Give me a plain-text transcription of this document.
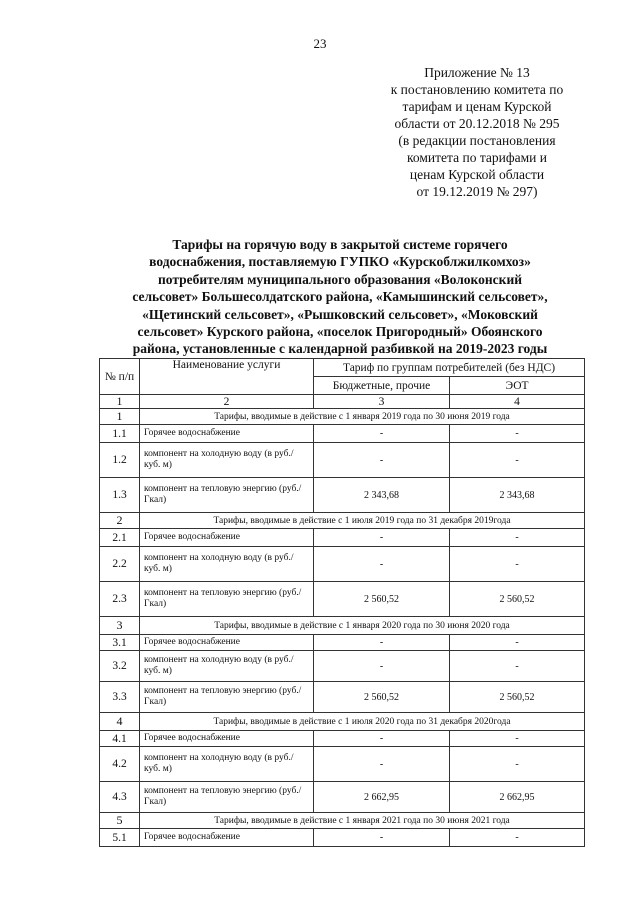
23
Приложение № 13
к постановлению комитета по
тарифам и ценам Курской
области от 20.12.2018 № 295
(в редакции постановления
комитета по тарифами и
ценам Курской области
от 19.12.2019 № 297)
Тарифы на горячую воду в закрытой системе горячего
водоснабжения, поставляемую ГУПКО «Курскоблжилкомхоз»
потребителям муниципального образования «Волоконский
сельсовет» Большесолдатского района, «Камышинский сельсовет»,
«Щетинский сельсовет», «Рышковский сельсовет», «Моковский
сельсовет» Курского района, «поселок Пригородный» Обоянского
района, установленные с календарной разбивкой на 2019-2023 годы
№ п/п	Наименование услуги	Тариф по группам потребителей (без НДС)	
		Бюджетные, прочие	ЭОТ
1	2	3	4
1	Тарифы, вводимые в действие с 1 января 2019 года по 30 июня 2019 года		
1.1	Горячее водоснабжение	-	-
1.2	компонент на холодную воду (в руб./куб. м)	-	-
1.3	компонент на тепловую энергию (руб./Гкал)	2 343,68	2 343,68
2	Тарифы, вводимые в действие с 1 июля 2019 года по 31 декабря 2019года		
2.1	Горячее водоснабжение	-	-
2.2	компонент на холодную воду (в руб./куб. м)	-	-
2.3	компонент на тепловую энергию (руб./Гкал)	2 560,52	2 560,52
3	Тарифы, вводимые в действие с 1 января 2020 года по 30 июня 2020 года		
3.1	Горячее водоснабжение	-	-
3.2	компонент на холодную воду (в руб./куб. м)	-	-
3.3	компонент на тепловую энергию (руб./Гкал)	2 560,52	2 560,52
4	Тарифы, вводимые в действие с 1 июля 2020 года по 31 декабря 2020года		
4.1	Горячее водоснабжение	-	-
4.2	компонент на холодную воду (в руб./куб. м)	-	-
4.3	компонент на тепловую энергию (руб./Гкал)	2 662,95	2 662,95
5	Тарифы, вводимые в действие с 1 января 2021 года по 30 июня 2021 года		
5.1	Горячее водоснабжение	-	-
